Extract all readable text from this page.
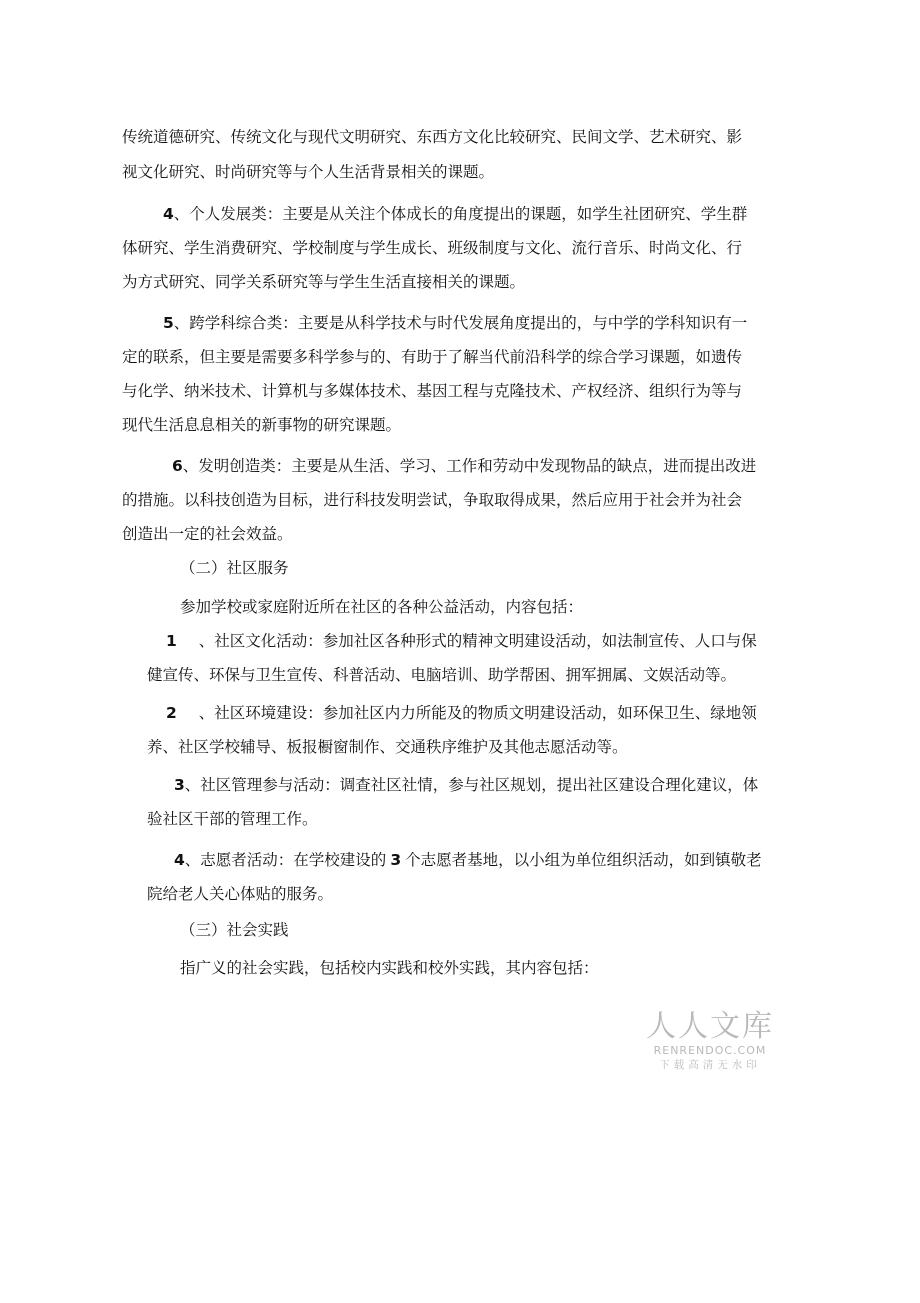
传统道德研究、传统文化与现代文明研究、东西方文化比较研究、民间文学、艺术研究、影
视文化研究、时尚研究等与个人生活背景相关的课题。
4、个人发展类：主要是从关注个体成长的角度提出的课题，如学生社团研究、学生群
体研究、学生消费研究、学校制度与学生成长、班级制度与文化、流行音乐、时尚文化、行
为方式研究、同学关系研究等与学生生活直接相关的课题。
5、跨学科综合类：主要是从科学技术与时代发展角度提出的，与中学的学科知识有一
定的联系，但主要是需要多科学参与的、有助于了解当代前沿科学的综合学习课题，如遗传
与化学、纳米技术、计算机与多媒体技术、基因工程与克隆技术、产权经济、组织行为等与
现代生活息息相关的新事物的研究课题。
6、发明创造类：主要是从生活、学习、工作和劳动中发现物品的缺点，进而提出改进
的措施。以科技创造为目标，进行科技发明尝试，争取取得成果，然后应用于社会并为社会
创造出一定的社会效益。
（二）社区服务
参加学校或家庭附近所在社区的各种公益活动，内容包括：
1 、社区文化活动：参加社区各种形式的精神文明建设活动，如法制宣传、人口与保
健宣传、环保与卫生宣传、科普活动、电脑培训、助学帮困、拥军拥属、文娱活动等。
2 、社区环境建设：参加社区内力所能及的物质文明建设活动，如环保卫生、绿地领
养、社区学校辅导、板报橱窗制作、交通秩序维护及其他志愿活动等。
3、社区管理参与活动：调查社区社情，参与社区规划，提出社区建设合理化建议，体
验社区干部的管理工作。
4、志愿者活动：在学校建设的 3 个志愿者基地，以小组为单位组织活动，如到镇敬老
院给老人关心体贴的服务。
（三）社会实践
指广义的社会实践，包括校内实践和校外实践，其内容包括：
人人文库
RENRENDOC.COM
下载高清无水印
